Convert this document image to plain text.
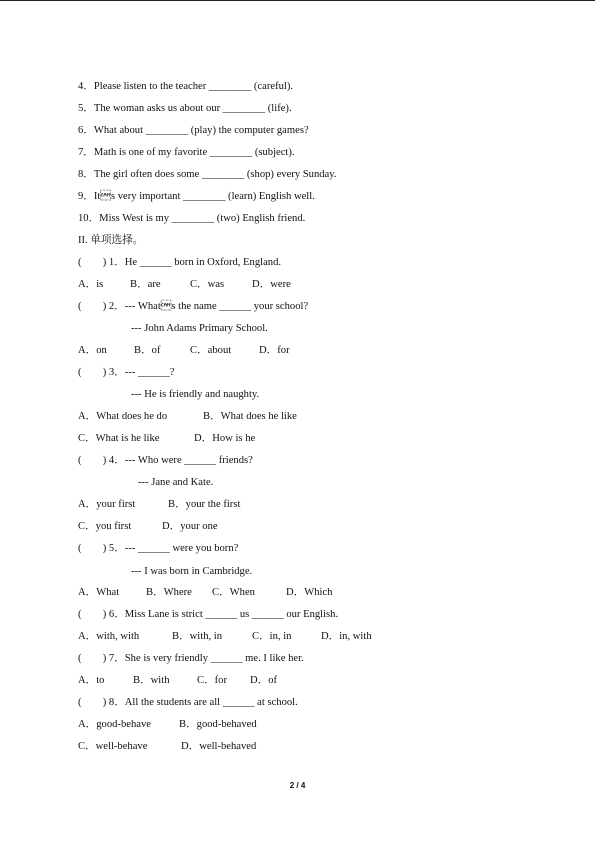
4．Please listen to the teacher ________ (careful).
5．The woman asks us about our ________ (life).
6．What about ________ (play) the computer games?
7．Math is one of my favorite ________ (subject).
8．The girl often does some ________ (shop) every Sunday.
9．Its very important ________ (learn) English well.
10．Miss West is my ________ (two) English friend.
II. 单项选择。
(        ) 1．He ______ born in Oxford, England.
A．is	B．are	C．was	D．were
(        ) 2．--- Whats the name ______ your school?
--- John Adams Primary School.
A．on	B．of	C．about	D．for
(        ) 3．--- ______?
--- He is friendly and naughty.
A．What does he do	B．What does he like
C．What is he like	D．How is he
(        ) 4．--- Who were ______ friends?
--- Jane and Kate.
A．your first	B．your the first
C．you first	D．your one
(        ) 5．--- ______ were you born?
--- I was born in Cambridge.
A．What	B．Where C．When	D．Which
(        ) 6．Miss Lane is strict ______ us ______ our English.
A．with, with	B．with, in	C．in, in	D．in, with
(        ) 7．She is very friendly ______ me. I like her.
A．to	B．with	C．for D．of
(        ) 8．All the students are all ______ at school.
A．good-behave	B．good-behaved
C．well-behave	D．well-behaved
2 / 4
